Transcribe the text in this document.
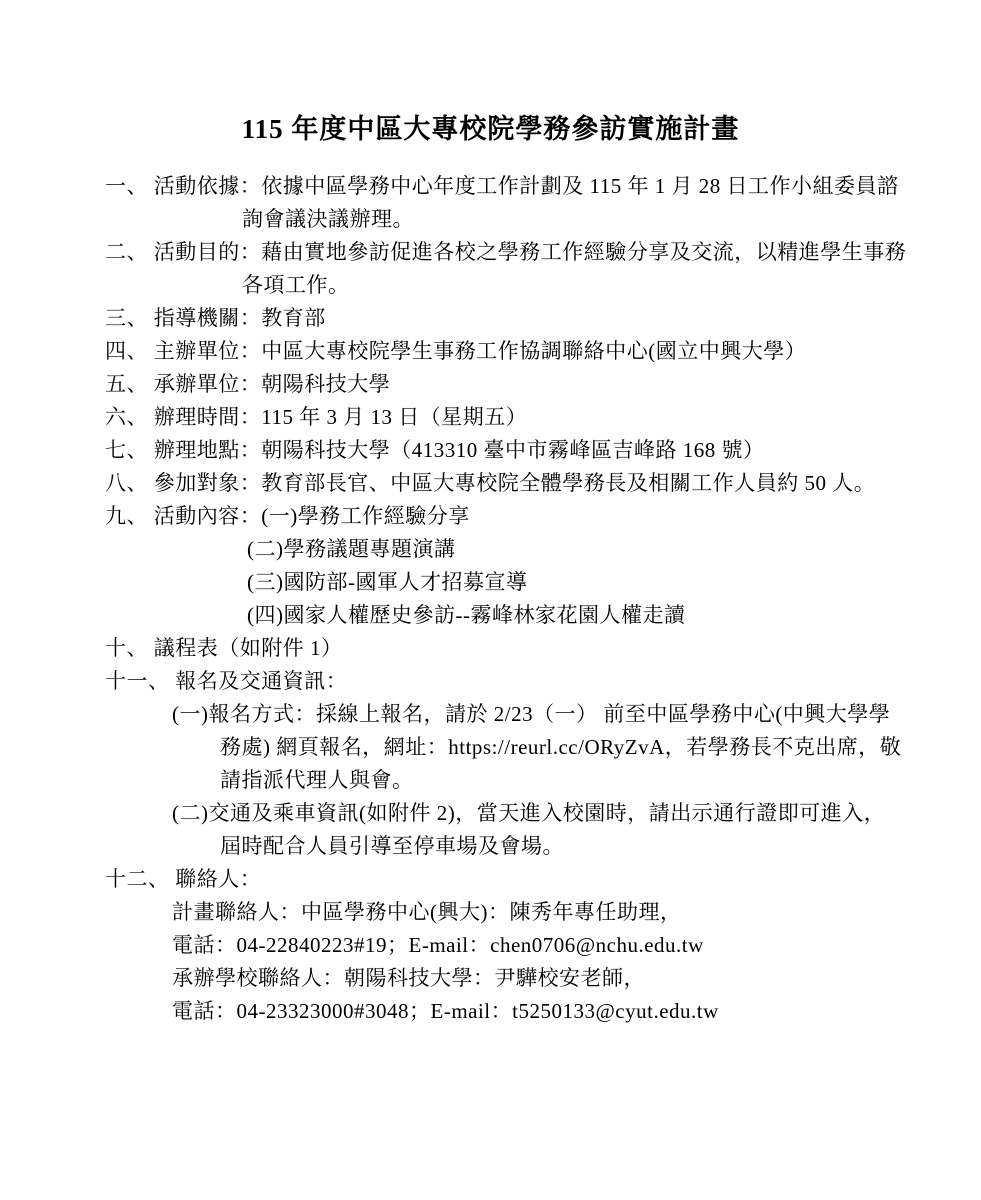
115 年度中區大專校院學務參訪實施計畫
一、 活動依據：依據中區學務中心年度工作計劃及 115 年 1 月 28 日工作小組委員諮
詢會議決議辦理。
二、 活動目的：藉由實地參訪促進各校之學務工作經驗分享及交流，以精進學生事務
各項工作。
三、 指導機關：教育部
四、 主辦單位：中區大專校院學生事務工作協調聯絡中心(國立中興大學）
五、 承辦單位：朝陽科技大學
六、 辦理時間：115 年 3 月 13 日（星期五）
七、 辦理地點：朝陽科技大學（413310 臺中市霧峰區吉峰路 168 號）
八、 參加對象：教育部長官、中區大專校院全體學務長及相關工作人員約 50 人。
九、 活動內容：(一)學務工作經驗分享
(二)學務議題專題演講
(三)國防部-國軍人才招募宣導
(四)國家人權歷史參訪--霧峰林家花園人權走讀
十、 議程表（如附件 1）
十一、 報名及交通資訊：
(一)報名方式：採線上報名，請於 2/23（一） 前至中區學務中心(中興大學學
務處) 網頁報名，網址：https://reurl.cc/ORyZvA，若學務長不克出席，敬
請指派代理人與會。
(二)交通及乘車資訊(如附件 2)，當天進入校園時，請出示通行證即可進入，
屆時配合人員引導至停車場及會場。
十二、 聯絡人：
計畫聯絡人：中區學務中心(興大)：陳秀年專任助理，
電話：04-22840223#19；E-mail：chen0706@nchu.edu.tw
承辦學校聯絡人：朝陽科技大學：尹驊校安老師，
電話：04-23323000#3048；E-mail：t5250133@cyut.edu.tw
